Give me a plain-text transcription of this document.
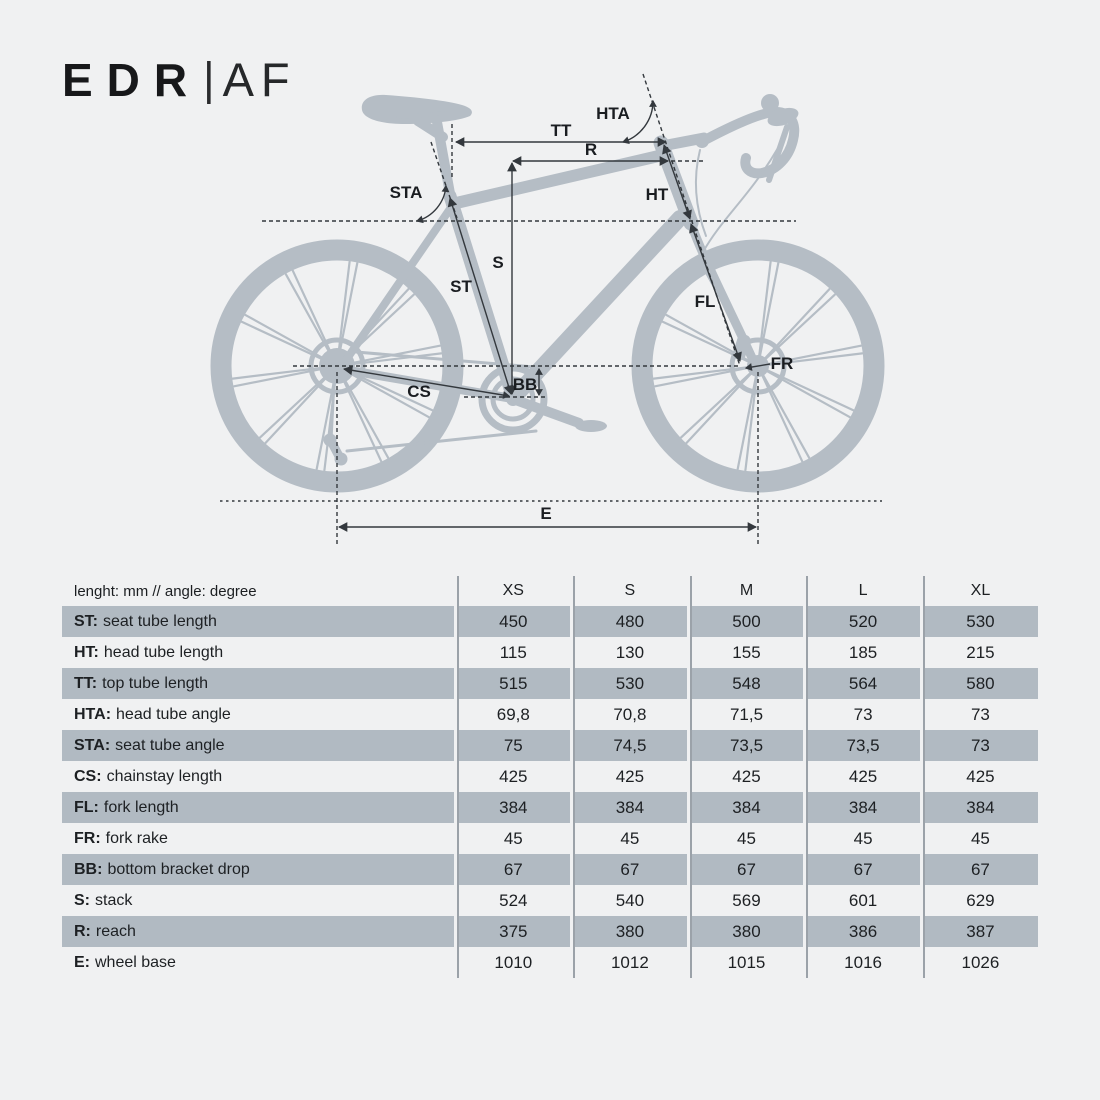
EDR | AF
TT
R
HTA
STA
S
ST
HT
FL
FR
BB
CS
E
lenght: mm // angle: degree	XS	S	M	L	XL
ST: seat tube length	450	480	500	520	530
HT: head tube length	115	130	155	185	215
TT: top tube length	515	530	548	564	580
HTA: head tube angle	69,8	70,8	71,5	73	73
STA: seat tube angle	75	74,5	73,5	73,5	73
CS: chainstay length	425	425	425	425	425
FL: fork length	384	384	384	384	384
FR: fork rake	45	45	45	45	45
BB: bottom bracket drop	67	67	67	67	67
S: stack	524	540	569	601	629
R: reach	375	380	380	386	387
E: wheel base	1010	1012	1015	1016	1026
